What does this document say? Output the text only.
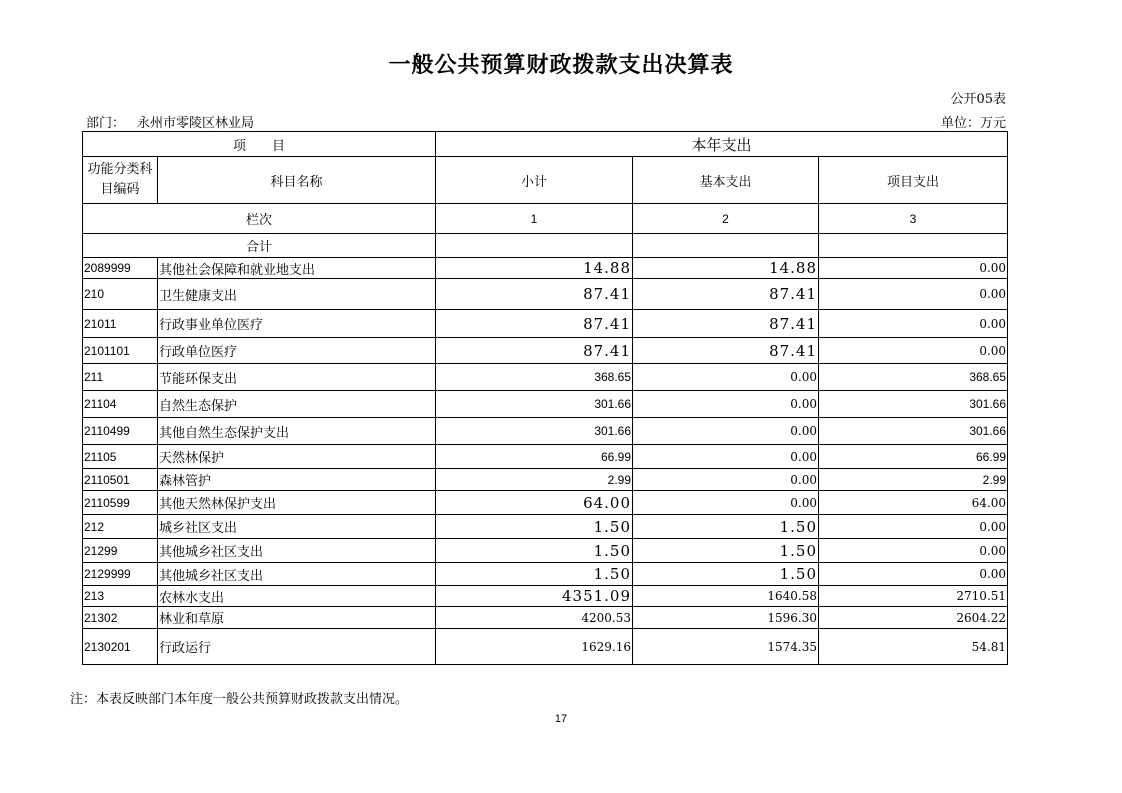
一般公共预算财政拨款支出决算表
公开05表
部门： 永州市零陵区林业局	单位：万元
项　　目		本年支出		
功能分类科目编码	科目名称	小计	基本支出	项目支出
栏次		1	2	3
合计				
2089999	其他社会保障和就业地支出	14.88	14.88	0.00
210	卫生健康支出	87.41	87.41	0.00
21011	行政事业单位医疗	87.41	87.41	0.00
2101101	行政单位医疗	87.41	87.41	0.00
211	节能环保支出	368.65	0.00	368.65
21104	自然生态保护	301.66	0.00	301.66
2110499	其他自然生态保护支出	301.66	0.00	301.66
21105	天然林保护	66.99	0.00	66.99
2110501	森林管护	2.99	0.00	2.99
2110599	其他天然林保护支出	64.00	0.00	64.00
212	城乡社区支出	1.50	1.50	0.00
21299	其他城乡社区支出	1.50	1.50	0.00
2129999	其他城乡社区支出	1.50	1.50	0.00
213	农林水支出	4351.09	1640.58	2710.51
21302	林业和草原	4200.53	1596.30	2604.22
2130201	行政运行	1629.16	1574.35	54.81
注：本表反映部门本年度一般公共预算财政拨款支出情况。
17
